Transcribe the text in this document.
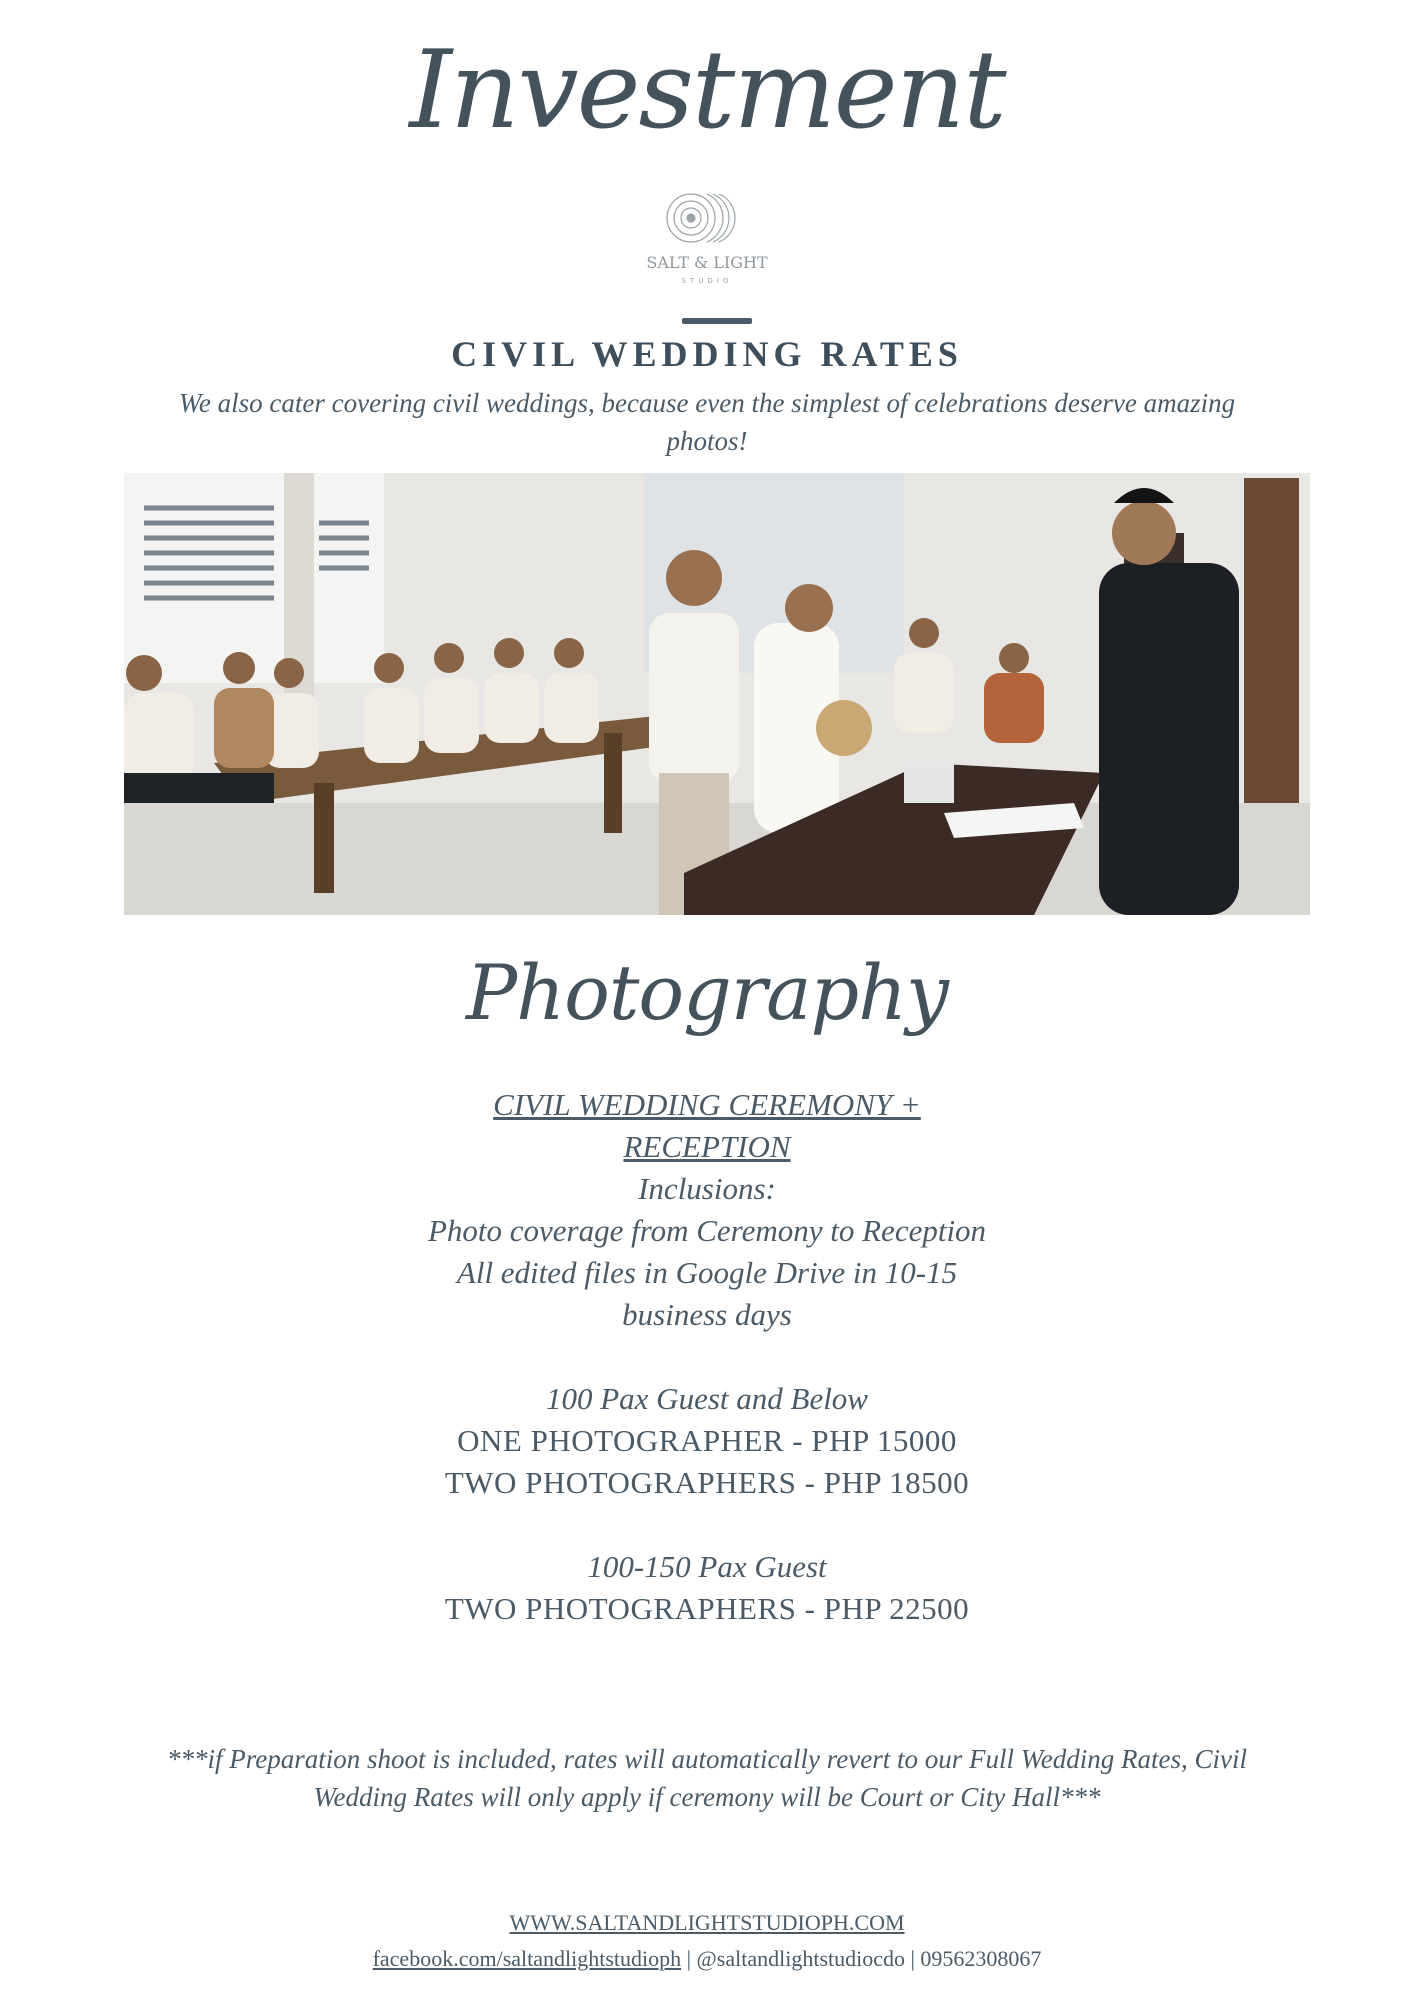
Investment
SALT & LIGHT
STUDIO
CIVIL WEDDING RATES
We also cater covering civil weddings, because even the simplest of celebrations deserve amazing photos!
Photography
CIVIL WEDDING CEREMONY +
RECEPTION
Inclusions:
Photo coverage from Ceremony to Reception
All edited files in Google Drive in 10-15
business days
100 Pax Guest and Below
ONE PHOTOGRAPHER - PHP 15000
TWO PHOTOGRAPHERS - PHP 18500
100-150 Pax Guest
TWO PHOTOGRAPHERS - PHP 22500
***if Preparation shoot is included, rates will automatically revert to our Full Wedding Rates, Civil
Wedding Rates will only apply if ceremony will be Court or City Hall***
WWW.SALTANDLIGHTSTUDIOPH.COM
facebook.com/saltandlightstudioph | @saltandlightstudiocdo | 09562308067
